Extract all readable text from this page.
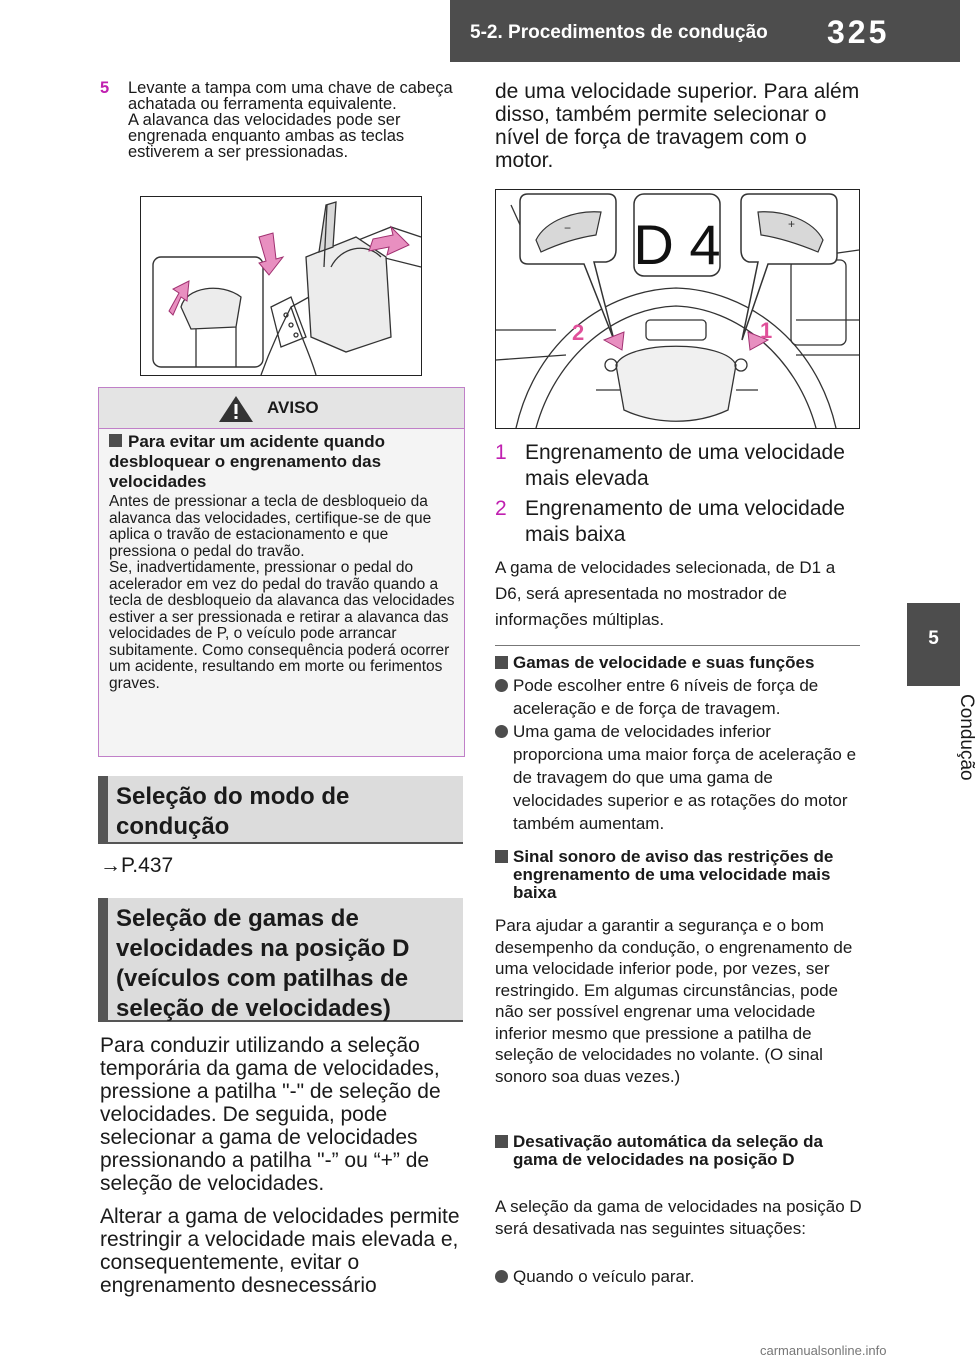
5-2. Procedimentos de condução 325
5
Condução
5 Levante a tampa com uma chave de cabeça achatada ou ferramenta equivalente.

A alavanca das velocidades pode ser engrenada enquanto ambas as teclas estiverem a ser pressionadas.

AVISO
Para evitar um acidente quando desbloquear o engrenamento das velocidades

Antes de pressionar a tecla de desbloqueio da alavanca das velocidades, certifique-se de que aplica o travão de estacionamento e que pressiona o pedal do travão.

Se, inadvertidamente, pressionar o pedal do acelerador em vez do pedal do travão quando a tecla de desbloqueio da alavanca das velocidades estiver a ser pressionada e retirar a alavanca das velocidades de P, o veículo pode arrancar subitamente. Como consequência poderá ocorrer um acidente, resultando em morte ou ferimentos graves.

Seleção do modo de condução
→P.437
Seleção de gamas de velocidades na posição D (veículos com patilhas de seleção de velocidades)

Para conduzir utilizando a seleção temporária da gama de velocidades, pressione a patilha "-" de seleção de velocidades. De seguida, pode selecionar a gama de velocidades pressionando a patilha "-” ou “+” de seleção de velocidades.

Alterar a gama de velocidades permite restringir a velocidade mais elevada e, consequentemente, evitar o engrenamento desnecessário

de uma velocidade superior. Para além disso, também permite selecionar o nível de força de travagem com o motor.

−	+
D 4
2	1
1 Engrenamento de uma velocidade mais elevada
2 Engrenamento de uma velocidade mais baixa
A gama de velocidades selecionada, de D1 a D6, será apresentada no mostrador de informações múltiplas.
Gamas de velocidade e suas funções
Pode escolher entre 6 níveis de força de aceleração e de força de travagem.
Uma gama de velocidades inferior proporciona uma maior força de aceleração e de travagem do que uma gama de velocidades superior e as rotações do motor também aumentam.
Sinal sonoro de aviso das restrições de engrenamento de uma velocidade mais baixa
Para ajudar a garantir a segurança e o bom desempenho da condução, o engrenamento de uma velocidade inferior pode, por vezes, ser restringido. Em algumas circunstâncias, pode não ser possível engrenar uma velocidade inferior mesmo que pressione a patilha de seleção de velocidades no volante. (O sinal sonoro soa duas vezes.)
Desativação automática da seleção da gama de velocidades na posição D
A seleção da gama de velocidades na posição D será desativada nas seguintes situações:
Quando o veículo parar.
carmanualsonline.info
